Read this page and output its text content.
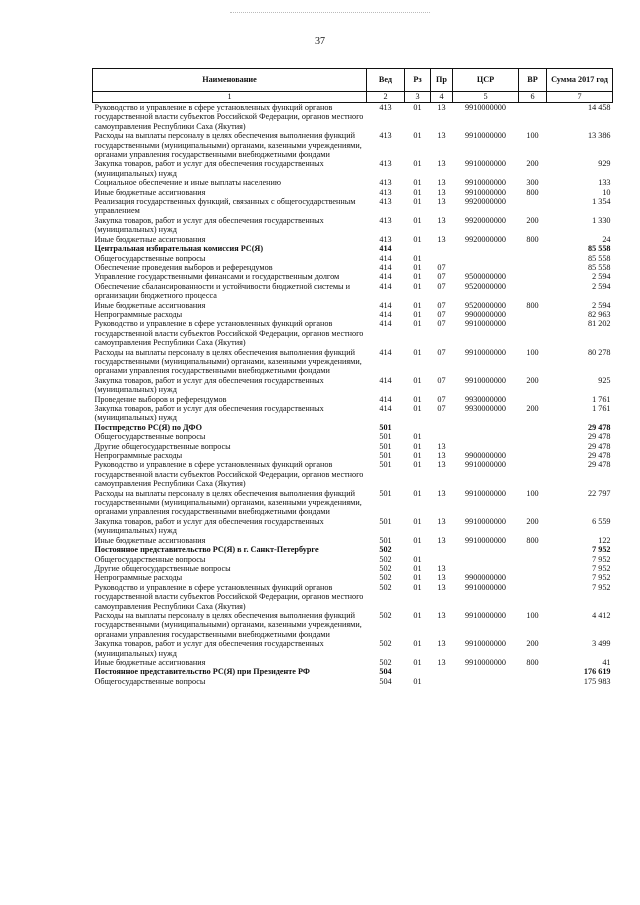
37
Наименование	Вед	Рз	Пр	ЦСР	ВР	Сумма 2017 год
1	2	3	4	5	6	7
Руководство и управление в сфере установленных функций органов государственной власти субъектов Российской Федерации, органов местного самоуправления Республики Саха (Якутия)	413	01	13	9910000000		14 458
Расходы на выплаты персоналу в целях обеспечения выполнения функций государственными (муниципальными) органами, казенными учреждениями, органами управления государственными внебюджетными фондами	413	01	13	9910000000	100	13 386
Закупка товаров, работ и услуг для обеспечения государственных (муниципальных) нужд	413	01	13	9910000000	200	929
Социальное обеспечение и иные выплаты населению	413	01	13	9910000000	300	133
Иные бюджетные ассигнования	413	01	13	9910000000	800	10
Реализация государственных функций, связанных с общегосударственным управлением	413	01	13	9920000000		1 354
Закупка товаров, работ и услуг для обеспечения государственных (муниципальных) нужд	413	01	13	9920000000	200	1 330
Иные бюджетные ассигнования	413	01	13	9920000000	800	24
Центральная избирательная комиссия РС(Я)	414					85 558
Общегосударственные вопросы	414	01				85 558
Обеспечение проведения выборов и референдумов	414	01	07			85 558
Управление государственными финансами и государственным долгом	414	01	07	9500000000		2 594
Обеспечение сбалансированности и устойчивости бюджетной системы и организации бюджетного процесса	414	01	07	9520000000		2 594
Иные бюджетные ассигнования	414	01	07	9520000000	800	2 594
Непрограммные расходы	414	01	07	9900000000		82 963
Руководство и управление в сфере установленных функций органов государственной власти субъектов Российской Федерации, органов местного самоуправления Республики Саха (Якутия)	414	01	07	9910000000		81 202
Расходы на выплаты персоналу в целях обеспечения выполнения функций государственными (муниципальными) органами, казенными учреждениями, органами управления государственными внебюджетными фондами	414	01	07	9910000000	100	80 278
Закупка товаров, работ и услуг для обеспечения государственных (муниципальных) нужд	414	01	07	9910000000	200	925
Проведение выборов и референдумов	414	01	07	9930000000		1 761
Закупка товаров, работ и услуг для обеспечения государственных (муниципальных) нужд	414	01	07	9930000000	200	1 761
Постпредство РС(Я) по ДФО	501					29 478
Общегосударственные вопросы	501	01				29 478
Другие общегосударственные вопросы	501	01	13			29 478
Непрограммные расходы	501	01	13	9900000000		29 478
Руководство и управление в сфере установленных функций органов государственной власти субъектов Российской Федерации, органов местного самоуправления Республики Саха (Якутия)	501	01	13	9910000000		29 478
Расходы на выплаты персоналу в целях обеспечения выполнения функций государственными (муниципальными) органами, казенными учреждениями, органами управления государственными внебюджетными фондами	501	01	13	9910000000	100	22 797
Закупка товаров, работ и услуг для обеспечения государственных (муниципальных) нужд	501	01	13	9910000000	200	6 559
Иные бюджетные ассигнования	501	01	13	9910000000	800	122
Постоянное представительство РС(Я) в г. Санкт-Петербурге	502					7 952
Общегосударственные вопросы	502	01				7 952
Другие общегосударственные вопросы	502	01	13			7 952
Непрограммные расходы	502	01	13	9900000000		7 952
Руководство и управление в сфере установленных функций органов государственной власти субъектов Российской Федерации, органов местного самоуправления Республики Саха (Якутия)	502	01	13	9910000000		7 952
Расходы на выплаты персоналу в целях обеспечения выполнения функций государственными (муниципальными) органами, казенными учреждениями, органами управления государственными внебюджетными фондами	502	01	13	9910000000	100	4 412
Закупка товаров, работ и услуг для обеспечения государственных (муниципальных) нужд	502	01	13	9910000000	200	3 499
Иные бюджетные ассигнования	502	01	13	9910000000	800	41
Постоянное представительство РС(Я) при Президенте РФ	504					176 619
Общегосударственные вопросы	504	01				175 983
